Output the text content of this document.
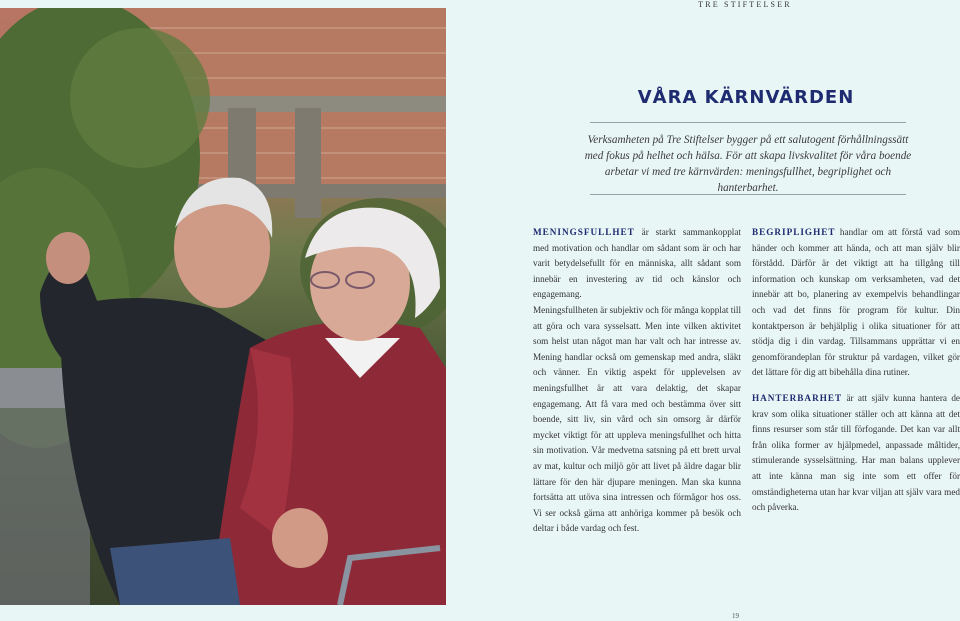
TRE STIFTELSER
VÅRA KÄRNVÄRDEN

Verksamheten på Tre Stiftelser bygger på ett salutogent förhållningssätt med fokus på helhet och hälsa. För att skapa livskvalitet för våra boende arbetar vi med tre kärnvärden: meningsfullhet, begriplighet och hanterbarhet.

MENINGSFULLHET är starkt sammankopplat med motivation och handlar om sådant som är och har varit betydelsefullt för en människa, allt sådant som innebär en investering av tid och känslor och engagemang.

Meningsfullheten är subjektiv och för många kopplat till att göra och vara sysselsatt. Men inte vilken aktivitet som helst utan något man har valt och har intresse av. Mening handlar också om gemenskap med andra, släkt och vänner. En viktig aspekt för upplevelsen av meningsfullhet är att vara delaktig, det skapar engagemang. Att få vara med och bestämma över sitt boende, sitt liv, sin vård och sin omsorg är därför mycket viktigt för att uppleva meningsfullhet och hitta sin motivation. Vår medvetna satsning på ett brett urval av mat, kultur och miljö gör att livet på äldre dagar blir lättare för den här djupare meningen. Man ska kunna fortsätta att utöva sina intressen och förmågor hos oss. Vi ser också gärna att anhöriga kommer på besök och deltar i både vardag och fest.

BEGRIPLIGHET handlar om att förstå vad som händer och kommer att hända, och att man själv blir förstådd. Därför är det viktigt att ha tillgång till information och kunskap om verksamheten, vad det innebär att bo, planering av exempelvis behandlingar och vad det finns för program för kultur. Din kontaktperson är behjälplig i olika situationer för att stödja dig i din vardag. Tillsammans upprättar vi en genomförandeplan för struktur på vardagen, vilket gör det lättare för dig att bibehålla dina rutiner.

HANTERBARHET är att själv kunna hantera de krav som olika situationer ställer och att känna att det finns resurser som står till förfogande. Det kan var allt från olika former av hjälpmedel, anpassade måltider, stimulerande sysselsättning. Har man balans upplever att inte känna man sig inte som ett offer för omständigheterna utan har kvar viljan att själv vara med och påverka.

19
